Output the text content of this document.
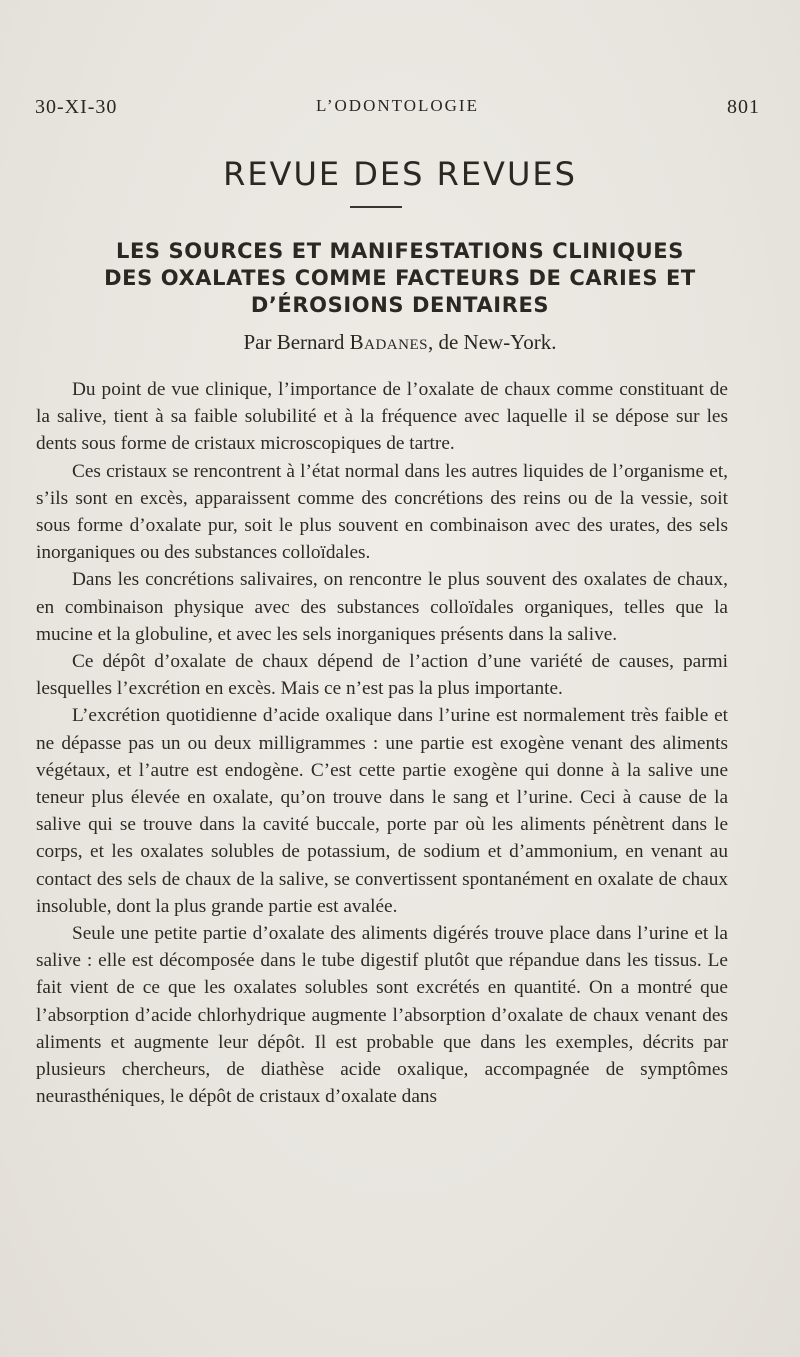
30-XI-30	L’ODONTOLOGIE	801
REVUE DES REVUES
LES SOURCES ET MANIFESTATIONS CLINIQUES
DES OXALATES COMME FACTEURS DE CARIES ET
D’ÉROSIONS DENTAIRES
Par Bernard Badanes, de New-York.

Du point de vue clinique, l’importance de l’oxalate de chaux comme constituant de la salive, tient à sa faible solubilité et à la fréquence avec laquelle il se dépose sur les dents sous forme de cristaux microscopiques de tartre.

Ces cristaux se rencontrent à l’état normal dans les autres liquides de l’organisme et, s’ils sont en excès, apparaissent comme des concrétions des reins ou de la vessie, soit sous forme d’oxalate pur, soit le plus souvent en combinaison avec des urates, des sels inorganiques ou des substances colloïdales.

Dans les concrétions salivaires, on rencontre le plus souvent des oxalates de chaux, en combinaison physique avec des substances colloïdales organiques, telles que la mucine et la globuline, et avec les sels inorganiques présents dans la salive.

Ce dépôt d’oxalate de chaux dépend de l’action d’une variété de causes, parmi lesquelles l’excrétion en excès. Mais ce n’est pas la plus importante.

L’excrétion quotidienne d’acide oxalique dans l’urine est normalement très faible et ne dépasse pas un ou deux milligrammes : une partie est exogène venant des aliments végétaux, et l’autre est endogène. C’est cette partie exogène qui donne à la salive une teneur plus élevée en oxalate, qu’on trouve dans le sang et l’urine. Ceci à cause de la salive qui se trouve dans la cavité buccale, porte par où les aliments pénètrent dans le corps, et les oxalates solubles de potassium, de sodium et d’ammonium, en venant au contact des sels de chaux de la salive, se convertissent spontanément en oxalate de chaux insoluble, dont la plus grande partie est avalée.

Seule une petite partie d’oxalate des aliments digérés trouve place dans l’urine et la salive : elle est décomposée dans le tube digestif plutôt que répandue dans les tissus. Le fait vient de ce que les oxalates solubles sont excrétés en quantité. On a montré que l’absorption d’acide chlorhydrique augmente l’absorption d’oxalate de chaux venant des aliments et augmente leur dépôt. Il est probable que dans les exemples, décrits par plusieurs chercheurs, de diathèse acide oxalique, accompagnée de symptômes neurasthéniques, le dépôt de cristaux d’oxalate dans
